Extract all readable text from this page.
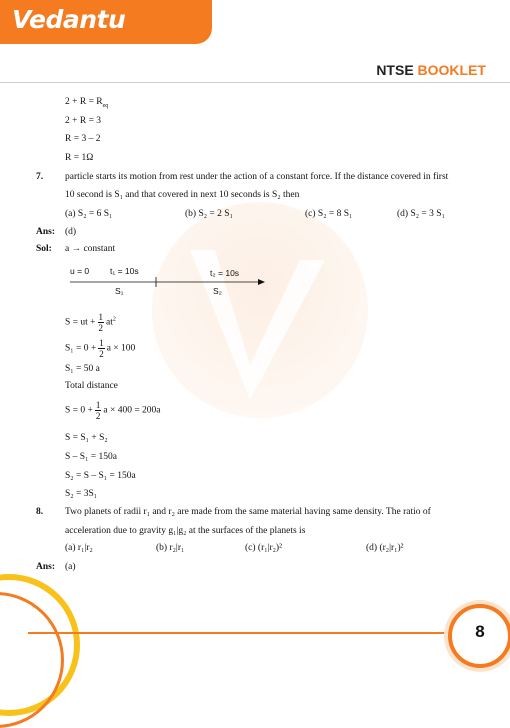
Vedantu
NTSE BOOKLET
$2 + R = R_{eq}$
2 + R = 3
R = 3 – 2
R = 1Ω
7. particle starts its motion from rest under the action of a constant force. If the distance covered in first
10 second is S₁ and that covered in next 10 seconds is S₂ then
(a) S₂ = 6 S₁	(b) S₂ = 2 S₁	(c) S₂ = 8 S₁	(d) S₂ = 3 S₁
Ans: (d)
Sol: a → constant
u = 0 t₁ = 10s	t₂ = 10s
S₁	S₂
S = ut + $\frac{1}{2} at^2$
$S_1 = 0 + \frac{1}{2}$ a × 100
S₁ = 50 a
Total distance
$S = 0 + \frac{1}{2}$ a × 400 = 200a
S = S₁ + S₂
S – S₁ = 150a
S₂ = S – S₁ = 150a
S₂ = 3S₁
8. Two planets of radii r₁ and r₂ are made from the same material having same density. The ratio of
acceleration due to gravity g₁|g₂ at the surfaces of the planets is
(a) r₁|r₂	(b) r₂|r₁	(c) (r₁|r₂)²	(d) (r₂|r₁)²
Ans: (a)
8
